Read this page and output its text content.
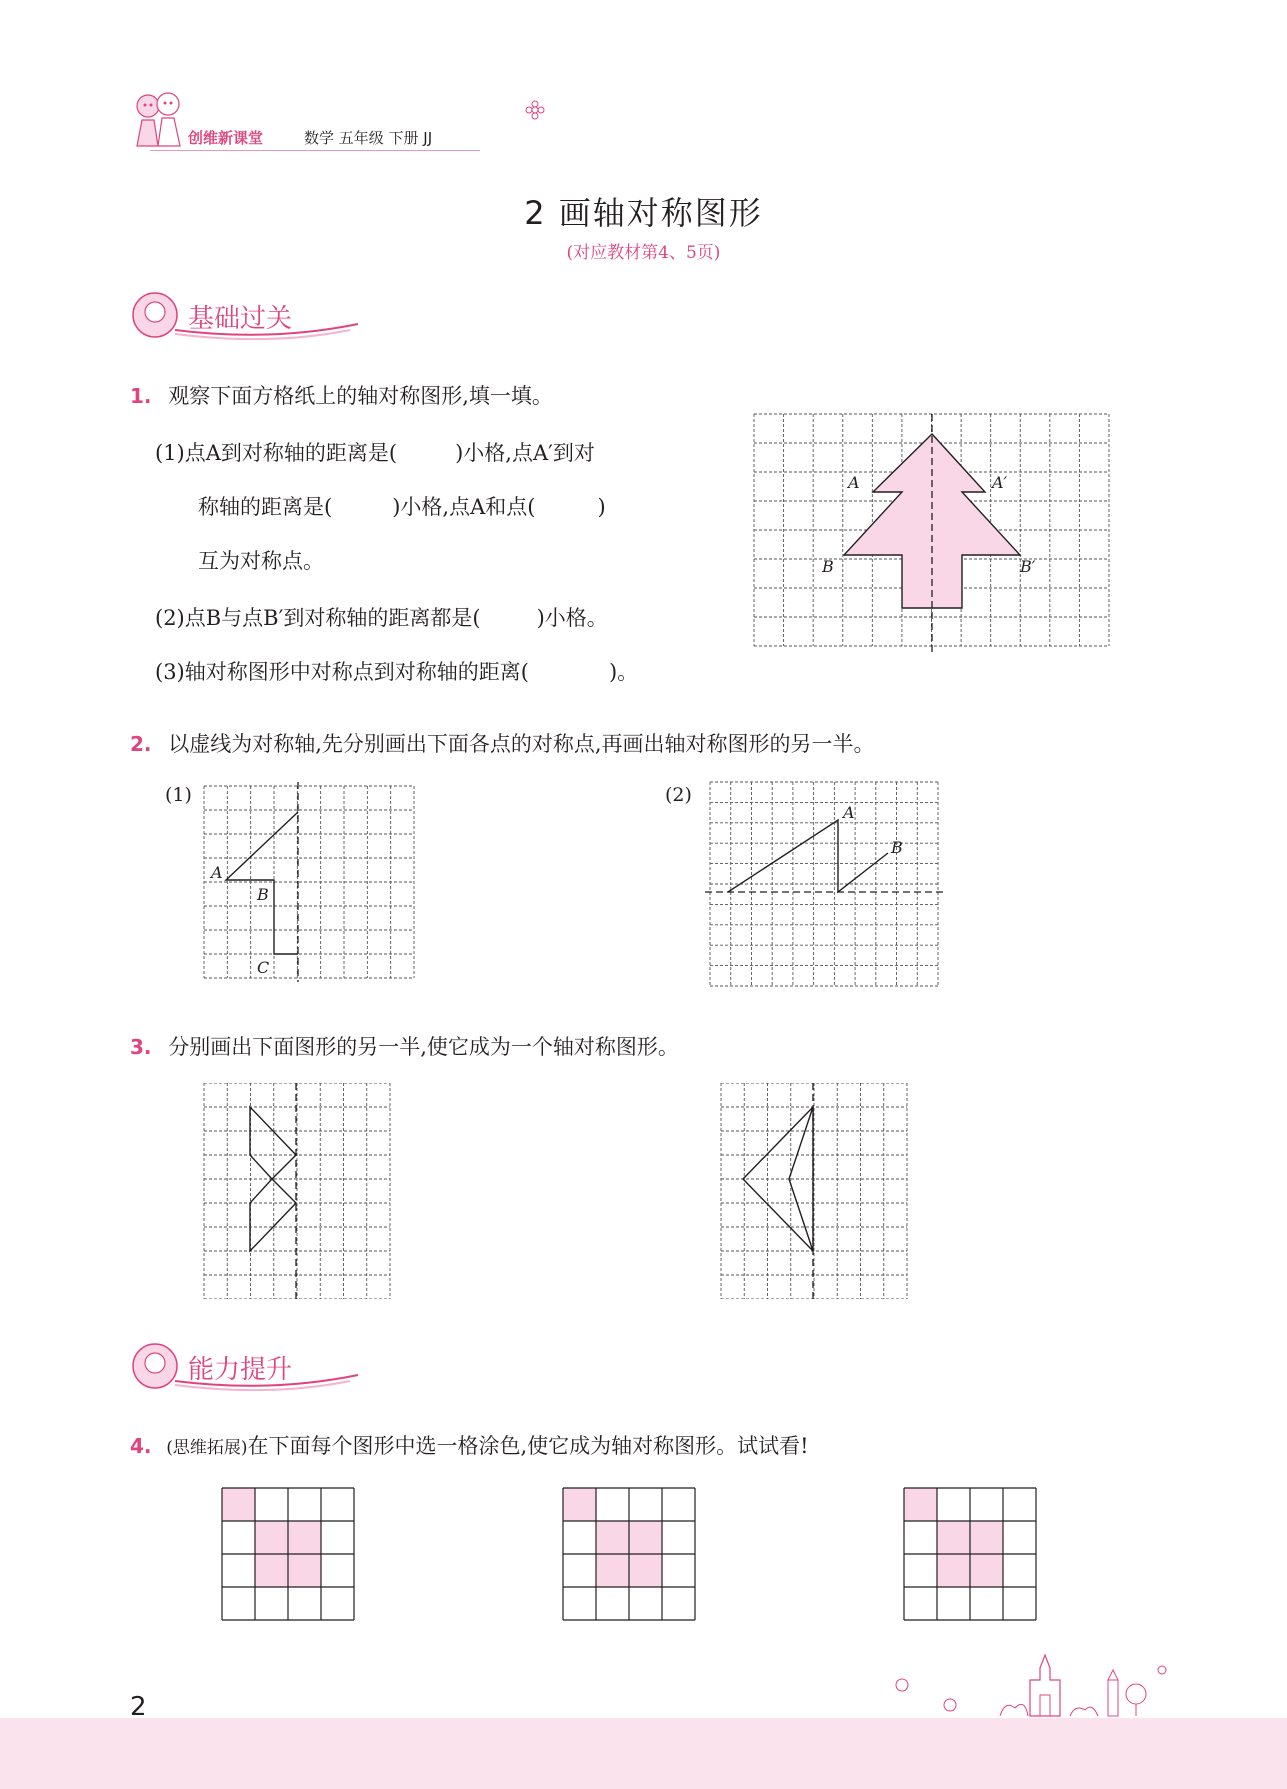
创维新课堂	数学 五年级 下册 JJ
2 画轴对称图形
(对应教材第4、5页)
基础过关
1. 观察下面方格纸上的轴对称图形,填一填。
(1)点A到对称轴的距离是(	)小格,点A′到对
称轴的距离是(	)小格,点A和点(	)
互为对称点。
(2)点B与点B′到对称轴的距离都是(	)小格。
(3)轴对称图形中对称点到对称轴的距离(	)。
A	A′
B	B′
2. 以虚线为对称轴,先分别画出下面各点的对称点,再画出轴对称图形的另一半。
(1)	(2)
A
B
C
A
B
3. 分别画出下面图形的另一半,使它成为一个轴对称图形。
能力提升
4. (思维拓展)在下面每个图形中选一格涂色,使它成为轴对称图形。试试看!
2
